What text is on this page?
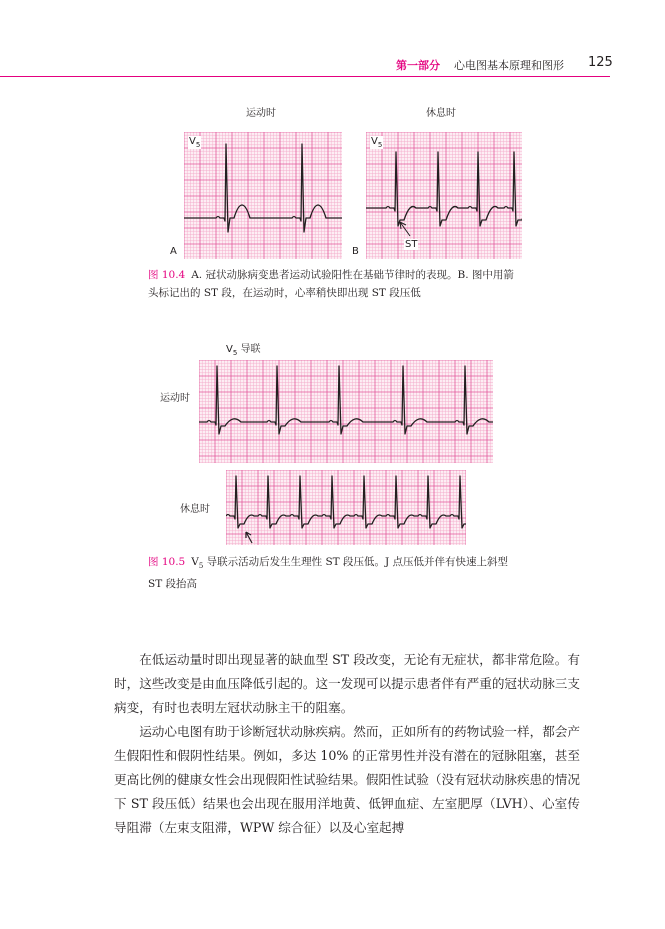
第一部分 心电图基本原理和图形 125
运动时	休息时
$V_5$	$V_5$
A	B
ST
图 10.4 A. 冠状动脉病变患者运动试验阳性在基础节律时的表现。B. 图中用箭头标记出的 ST 段，在运动时，心率稍快即出现 ST 段压低
$V_5$ 导联
运动时
休息时
图 10.5 $V_5$ 导联示活动后发生生理性 ST 段压低。J 点压低并伴有快速上斜型 ST 段抬高

在低运动量时即出现显著的缺血型 ST 段改变，无论有无症状，都非常危险。有时，这些改变是由血压降低引起的。这一发现可以提示患者伴有严重的冠状动脉三支病变，有时也表明左冠状动脉主干的阻塞。

运动心电图有助于诊断冠状动脉疾病。然而，正如所有的药物试验一样，都会产生假阳性和假阴性结果。例如，多达 10% 的正常男性并没有潜在的冠脉阻塞，甚至更高比例的健康女性会出现假阳性试验结果。假阳性试验（没有冠状动脉疾患的情况下 ST 段压低）结果也会出现在服用洋地黄、低钾血症、左室肥厚（LVH）、心室传导阻滞（左束支阻滞，WPW 综合征）以及心室起搏
